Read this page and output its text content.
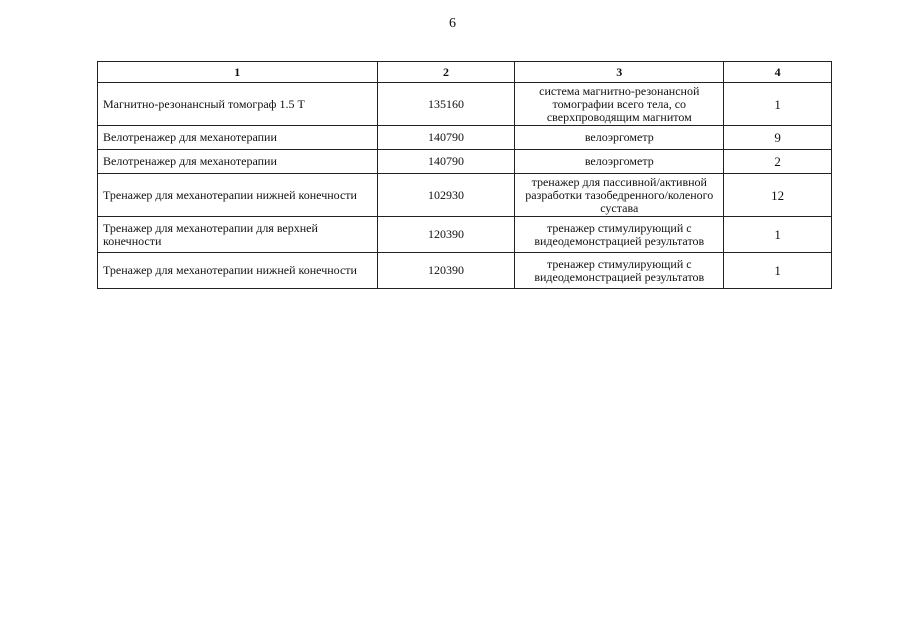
6
1	2	3	4
Магнитно-резонансный томограф 1.5 Т	135160	система магнитно-резонансной томографии всего тела, со сверхпроводящим магнитом	1
Велотренажер для механотерапии	140790	велоэргометр	9
Велотренажер для механотерапии	140790	велоэргометр	2
Тренажер для механотерапии нижней конечности	102930	тренажер для пассивной/активной разработки тазобедренного/коленого сустава	12
Тренажер для механотерапии для верхней конечности	120390	тренажер стимулирующий с видеодемонстрацией результатов	1
Тренажер для механотерапии нижней конечности	120390	тренажер стимулирующий с видеодемонстрацией результатов	1
